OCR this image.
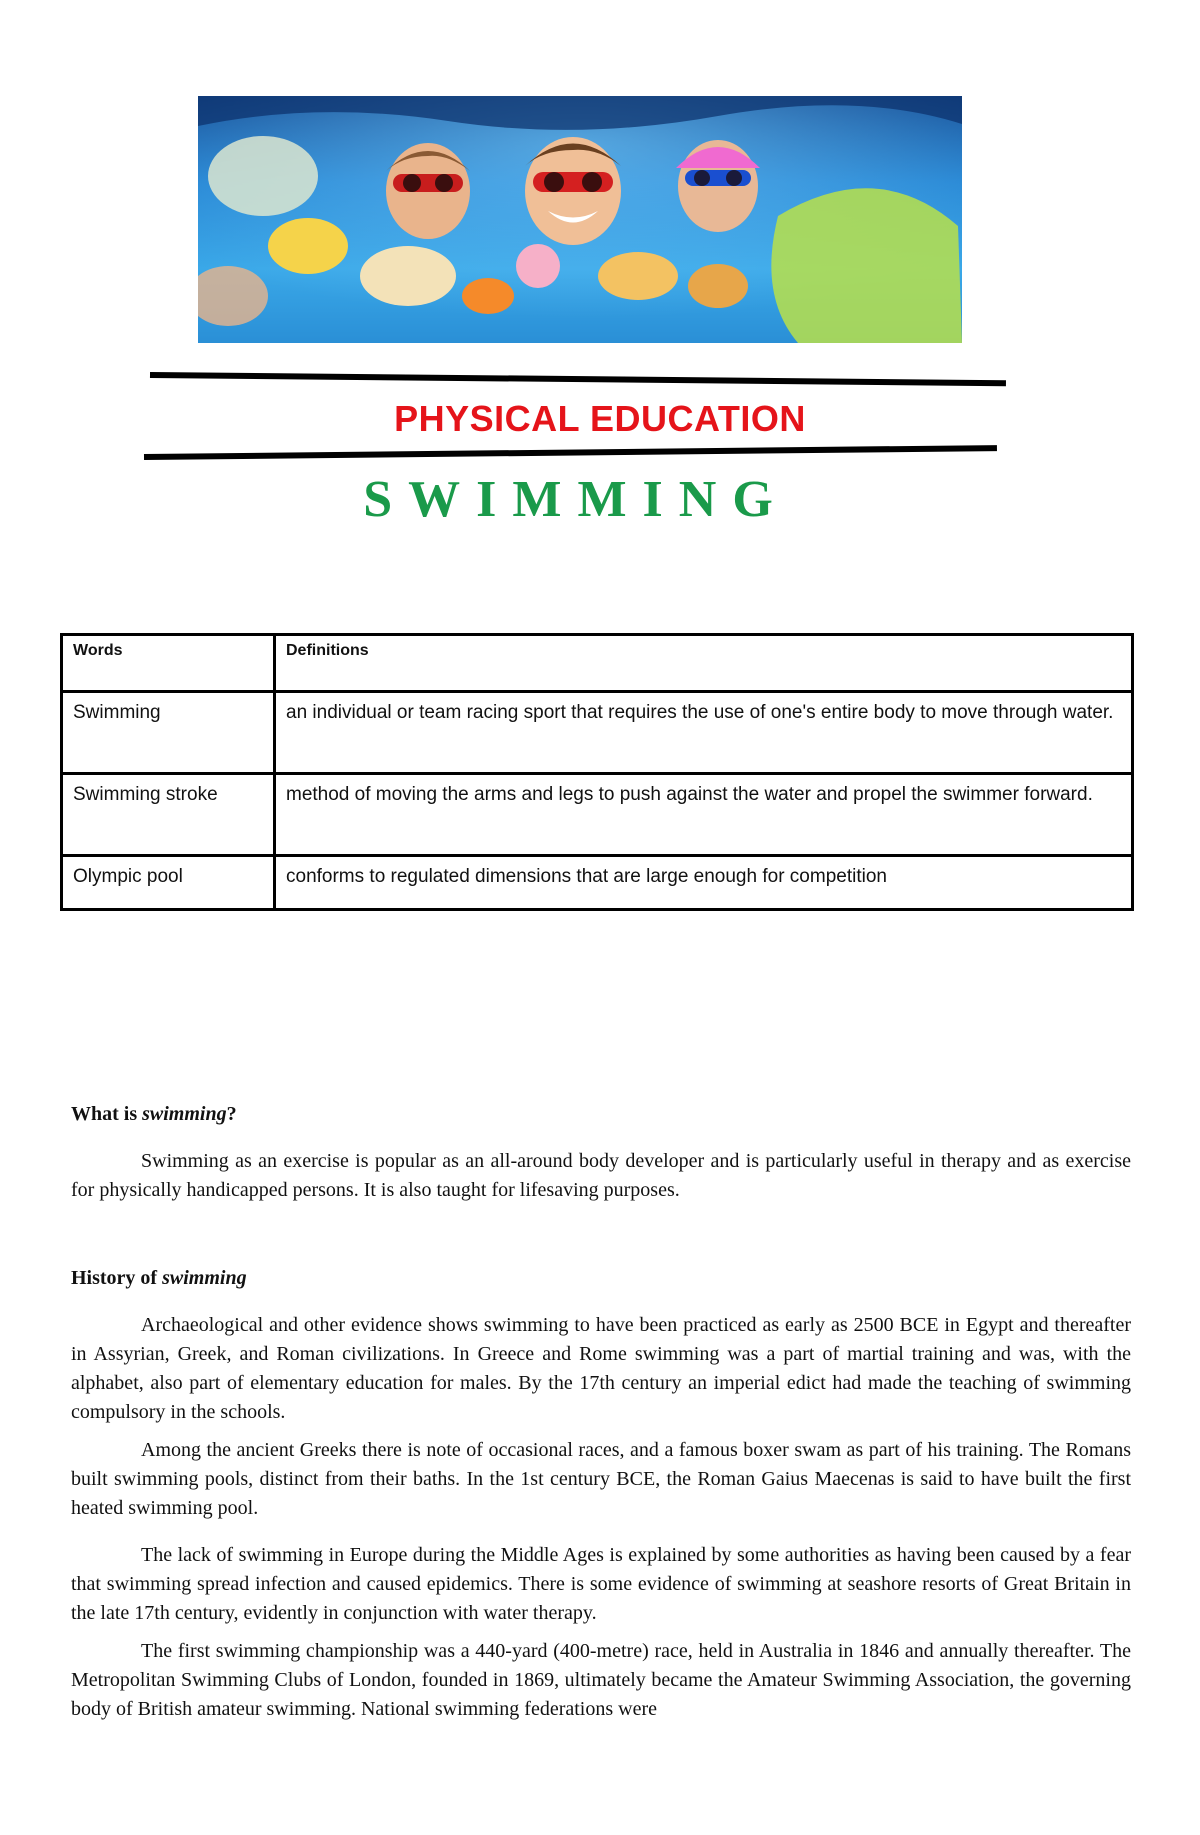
PHYSICAL EDUCATION
SWIMMING
Words	Definitions
Swimming	an individual or team racing sport that requires the use of one's entire body to move through water.
Swimming stroke	method of moving the arms and legs to push against the water and propel the swimmer forward.
Olympic pool	conforms to regulated dimensions that are large enough for competition
What is swimming?

Swimming as an exercise is popular as an all-around body developer and is particularly useful in therapy and as exercise for physically handicapped persons. It is also taught for lifesaving purposes.

History of swimming

Archaeological and other evidence shows swimming to have been practiced as early as 2500 BCE in Egypt and thereafter in Assyrian, Greek, and Roman civilizations. In Greece and Rome swimming was a part of martial training and was, with the alphabet, also part of elementary education for males. By the 17th century an imperial edict had made the teaching of swimming compulsory in the schools.

Among the ancient Greeks there is note of occasional races, and a famous boxer swam as part of his training. The Romans built swimming pools, distinct from their baths. In the 1st century BCE, the Roman Gaius Maecenas is said to have built the first heated swimming pool.

The lack of swimming in Europe during the Middle Ages is explained by some authorities as having been caused by a fear that swimming spread infection and caused epidemics. There is some evidence of swimming at seashore resorts of Great Britain in the late 17th century, evidently in conjunction with water therapy.

The first swimming championship was a 440-yard (400-metre) race, held in Australia in 1846 and annually thereafter. The Metropolitan Swimming Clubs of London, founded in 1869, ultimately became the Amateur Swimming Association, the governing body of British amateur swimming. National swimming federations were
